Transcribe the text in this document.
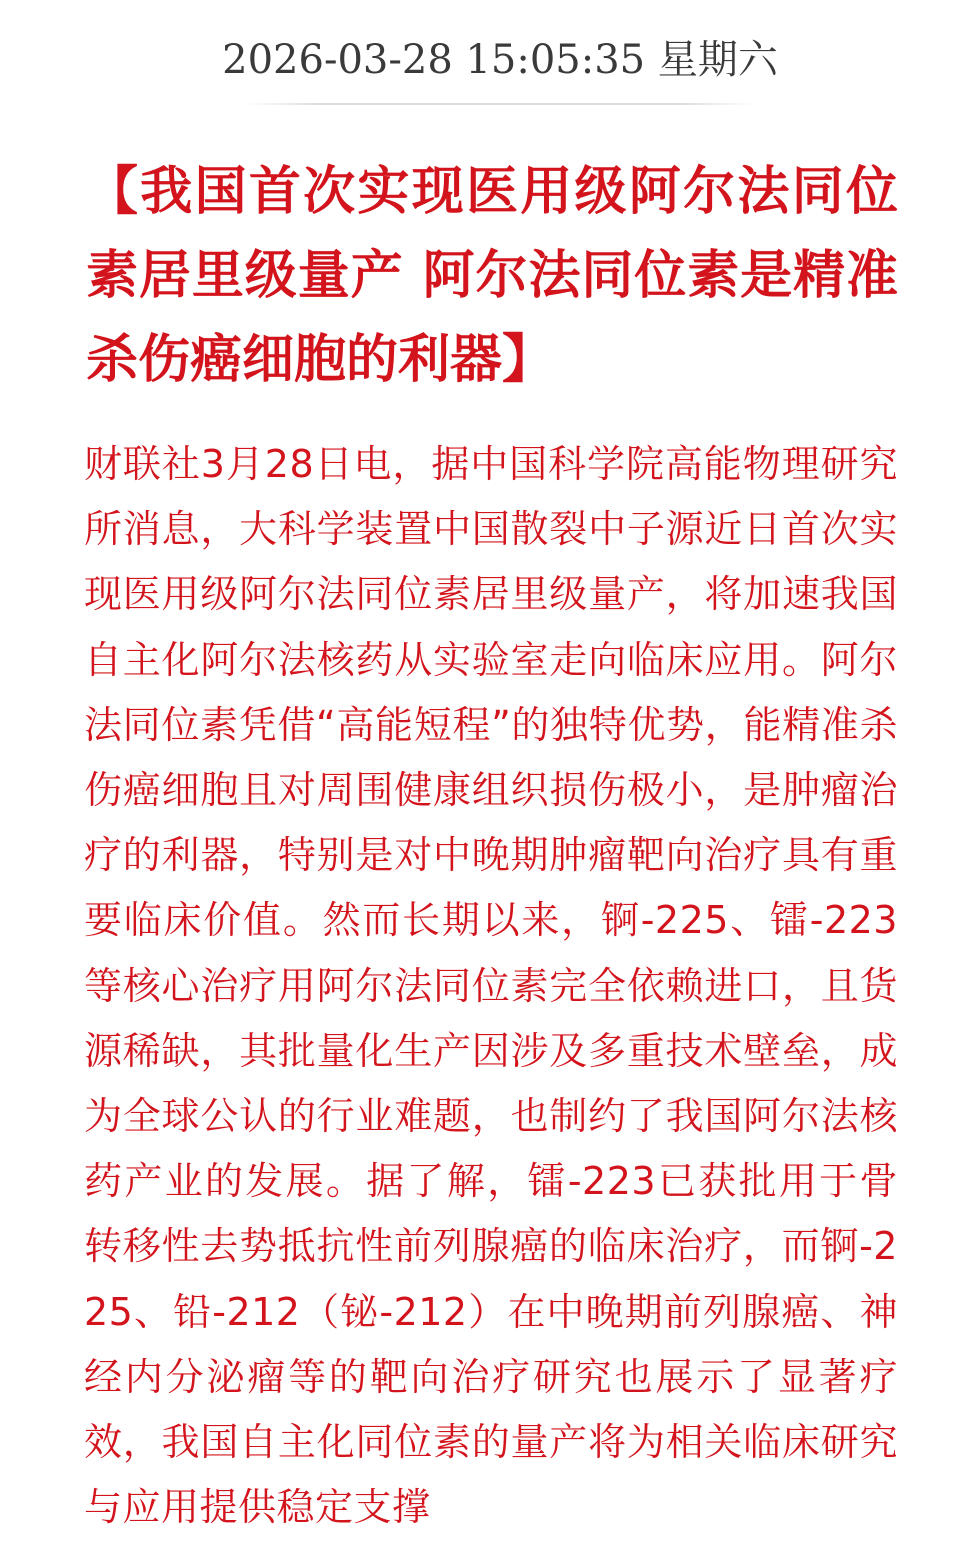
2026-03-28 15:05:35 星期六
【我国首次实现医用级阿尔法同位素居里级量产 阿尔法同位素是精准杀伤癌细胞的利器】

财联社3月28日电，据中国科学院高能物理研究所消息，大科学装置中国散裂中子源近日首次实现医用级阿尔法同位素居里级量产，将加速我国自主化阿尔法核药从实验室走向临床应用。阿尔法同位素凭借“高能短程”的独特优势，能精准杀伤癌细胞且对周围健康组织损伤极小，是肿瘤治疗的利器，特别是对中晚期肿瘤靶向治疗具有重要临床价值。然而长期以来，锕-225、镭-223等核心治疗用阿尔法同位素完全依赖进口，且货源稀缺，其批量化生产因涉及多重技术壁垒，成为全球公认的行业难题，也制约了我国阿尔法核药产业的发展。据了解，镭-223已获批用于骨转移性去势抵抗性前列腺癌的临床治疗，而锕-225、铅-212（铋-212）在中晚期前列腺癌、神经内分泌瘤等的靶向治疗研究也展示了显著疗效，我国自主化同位素的量产将为相关临床研究与应用提供稳定支撑
